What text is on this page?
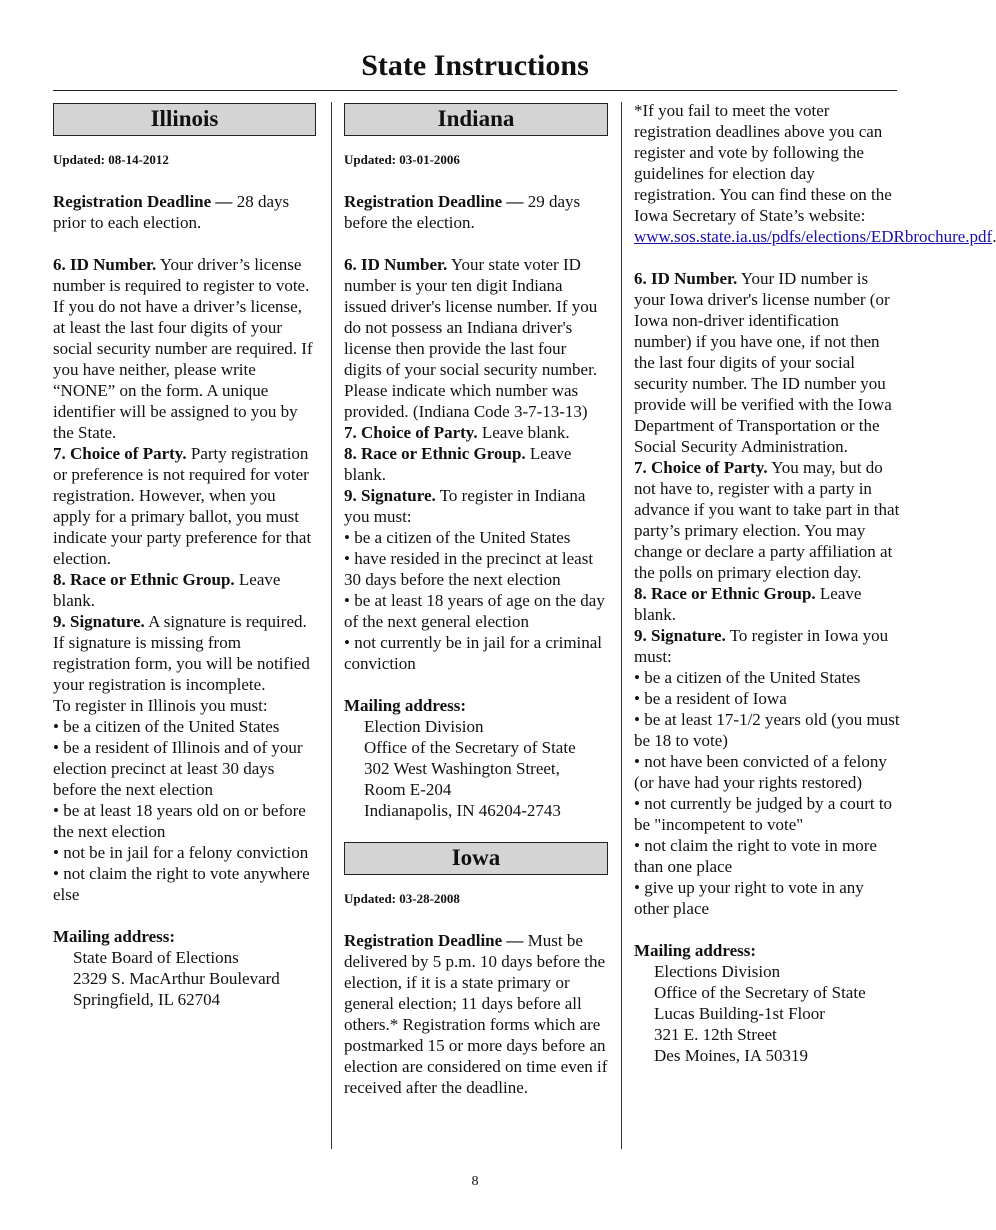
State Instructions
Illinois
Updated: 08-14-2012

Registration Deadline — 28 days prior to each election.

6. ID Number. Your driver’s license number is required to register to vote. If you do not have a driver’s license, at least the last four digits of your social security number are required. If you have neither, please write “NONE” on the form. A unique identifier will be assigned to you by the State.

7. Choice of Party. Party registration or preference is not required for voter registration. However, when you apply for a primary ballot, you must indicate your party preference for that election.

8. Race or Ethnic Group. Leave blank.

9. Signature. A signature is required. If signature is missing from registration form, you will be notified your registration is incomplete.

To register in Illinois you must:

• be a citizen of the United States

• be a resident of Illinois and of your election precinct at least 30 days before the next election

• be at least 18 years old on or before the next election

• not be in jail for a felony conviction

• not claim the right to vote anywhere else

Mailing address:

State Board of Elections

2329 S. MacArthur Boulevard

Springfield, IL 62704

Indiana
Updated: 03-01-2006

Registration Deadline — 29 days before the election.

6. ID Number. Your state voter ID number is your ten digit Indiana issued driver's license number. If you do not possess an Indiana driver's license then provide the last four digits of your social security number. Please indicate which number was provided. (Indiana Code 3-7-13-13)

7. Choice of Party. Leave blank.

8. Race or Ethnic Group. Leave blank.

9. Signature. To register in Indiana you must:

• be a citizen of the United States

• have resided in the precinct at least 30 days before the next election

• be at least 18 years of age on the day of the next general election

• not currently be in jail for a criminal conviction

Mailing address:

Election Division

Office of the Secretary of State

302 West Washington Street,

Room E-204

Indianapolis, IN 46204-2743

Iowa
Updated: 03-28-2008

Registration Deadline — Must be delivered by 5 p.m. 10 days before the election, if it is a state primary or general election; 11 days before all others.* Registration forms which are postmarked 15 or more days before an election are considered on time even if received after the deadline.

*If you fail to meet the voter registration deadlines above you can register and vote by following the guidelines for election day registration. You can find these on the Iowa Secretary of State’s website: www.sos.state.ia.us/pdfs/elections/EDRbrochure.pdf

6. ID Number. Your ID number is your Iowa driver's license number (or Iowa non-driver identification number) if you have one, if not then the last four digits of your social security number. The ID number you provide will be verified with the Iowa Department of Transportation or the Social Security Administration.

7. Choice of Party. You may, but do not have to, register with a party in advance if you want to take part in that party’s primary election. You may change or declare a party affiliation at the polls on primary election day.

8. Race or Ethnic Group. Leave blank.

9. Signature. To register in Iowa you must:

• be a citizen of the United States

• be a resident of Iowa

• be at least 17-1/2 years old (you must be 18 to vote)

• not have been convicted of a felony (or have had your rights restored)

• not currently be judged by a court to be "incompetent to vote"

• not claim the right to vote in more than one place

• give up your right to vote in any other place

Mailing address:

Elections Division

Office of the Secretary of State

Lucas Building-1st Floor

321 E. 12th Street

Des Moines, IA 50319

8
